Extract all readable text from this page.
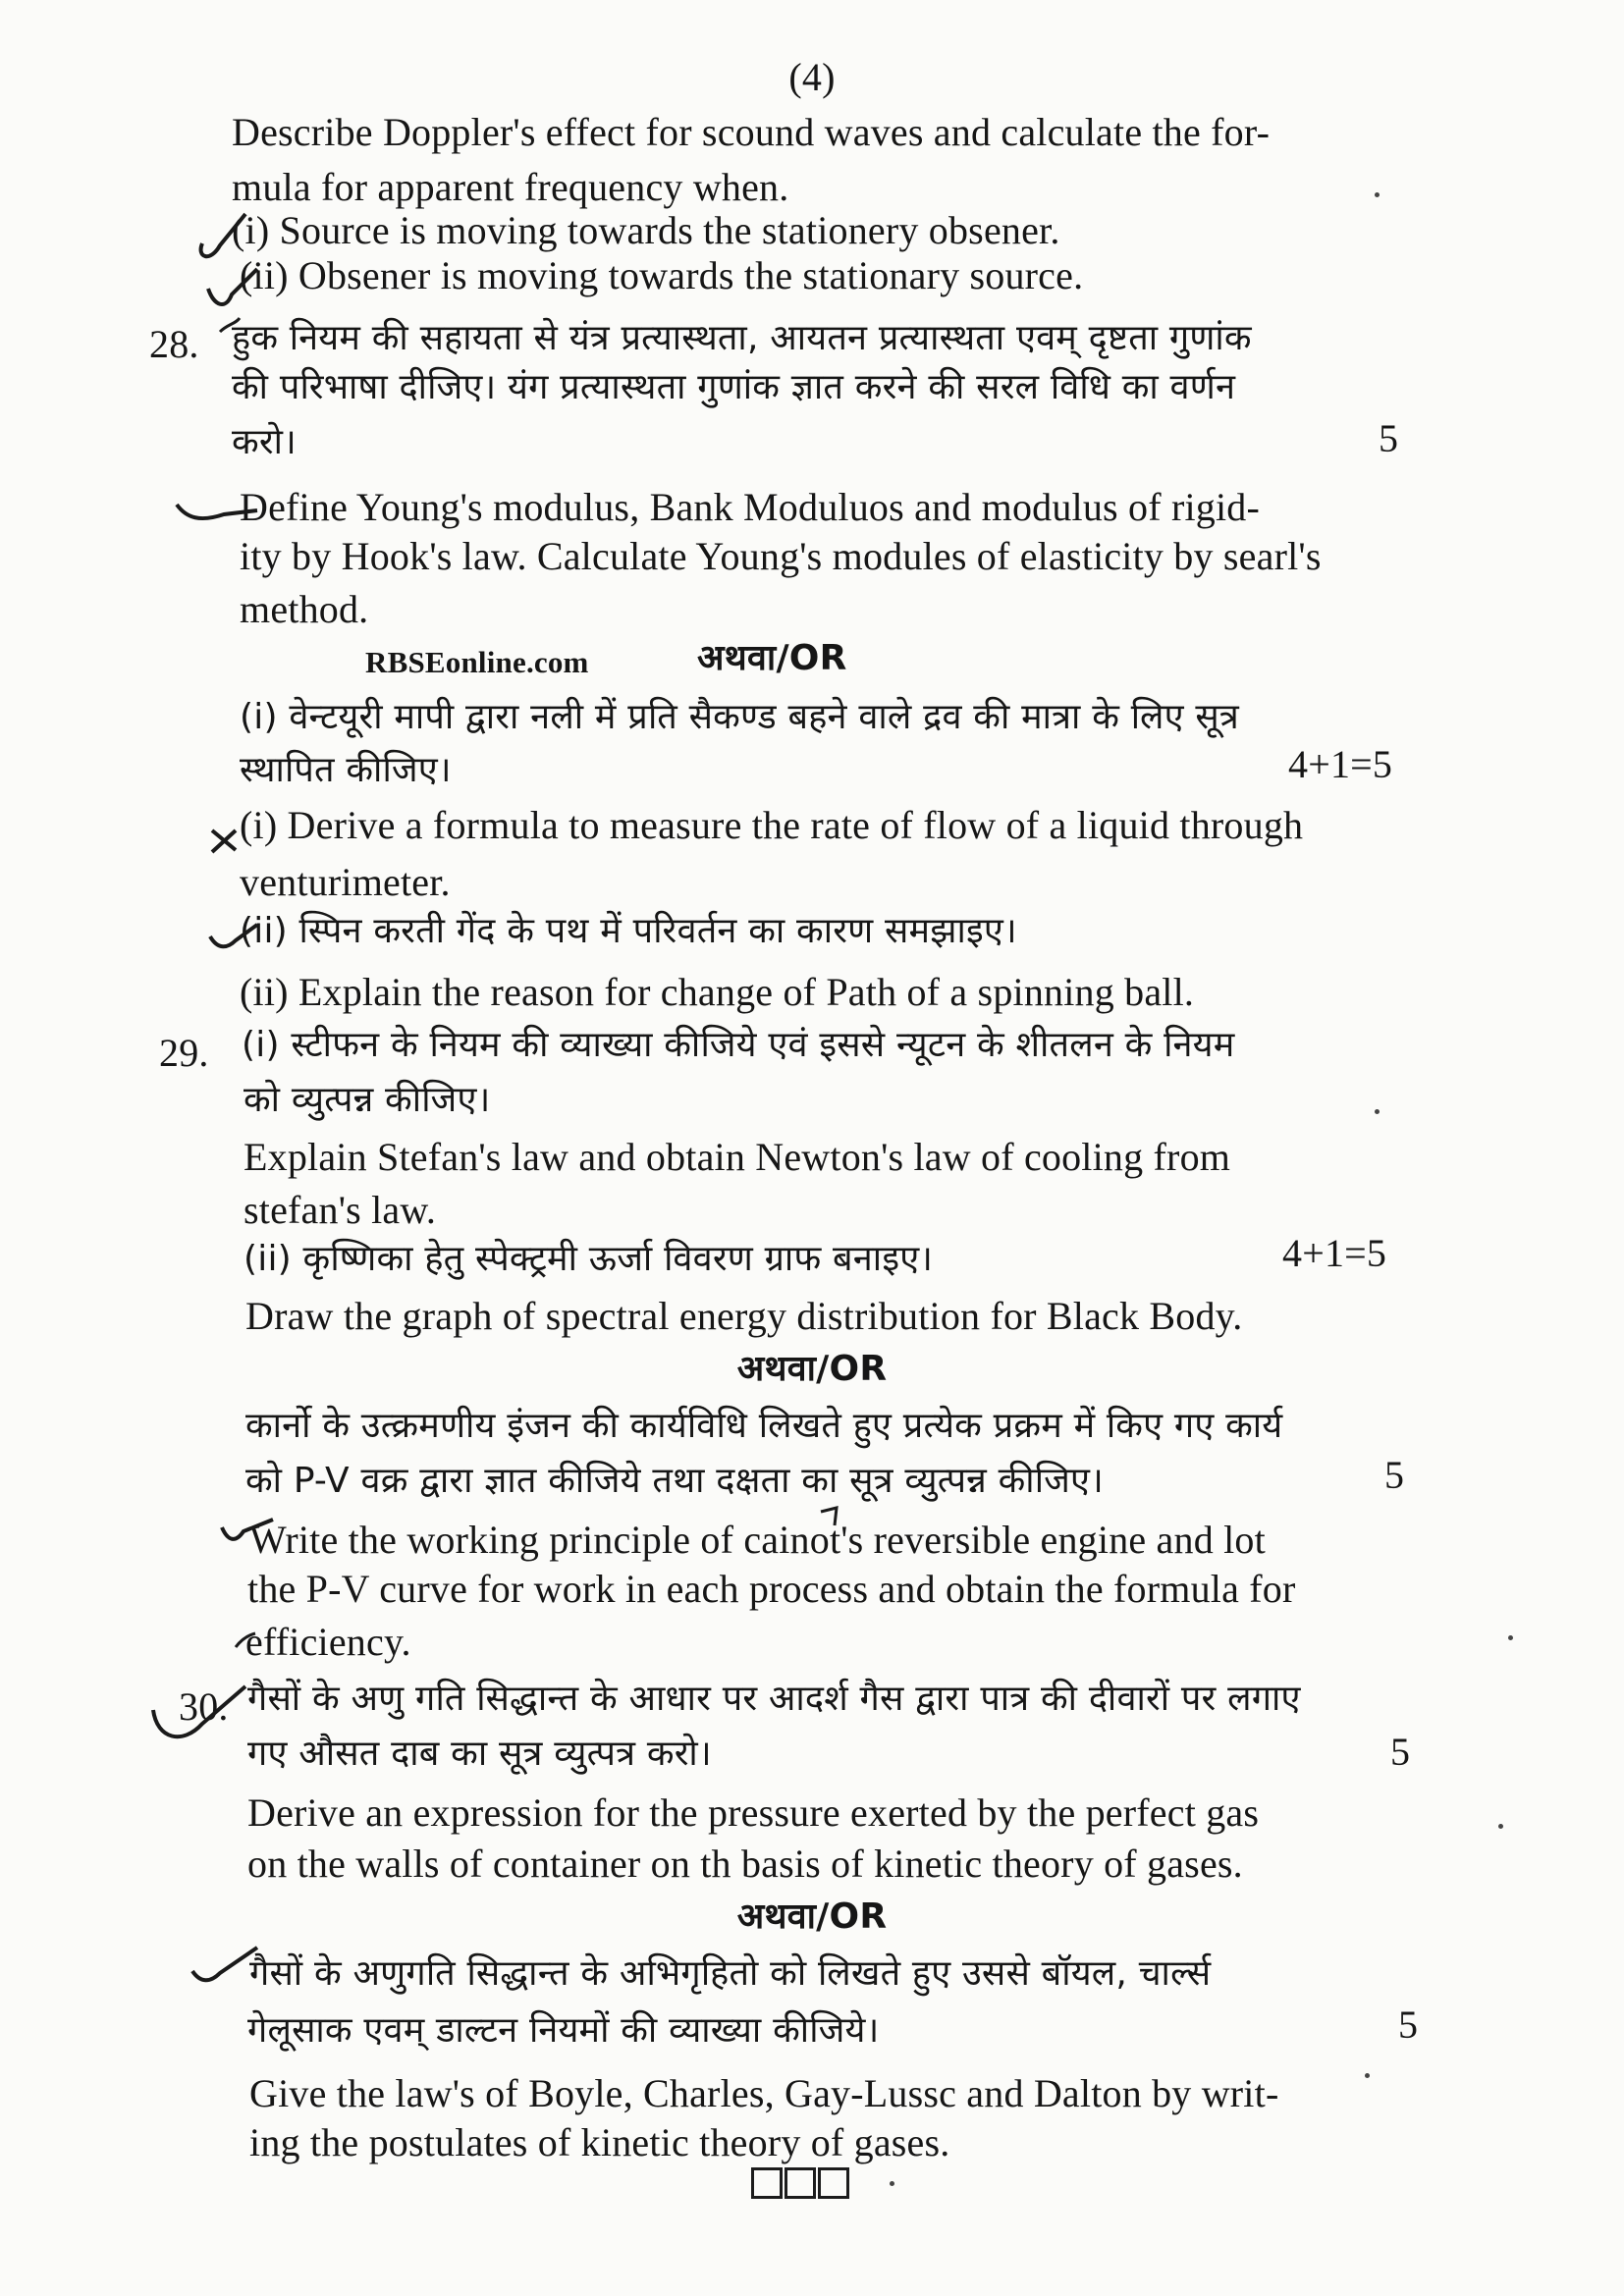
(4)

Describe Doppler's effect for scound waves and calculate the for-

mula for apparent frequency when.

(i) Source is moving towards the stationery obsener.

(ii) Obsener is moving towards the stationary source.

28. हुक नियम की सहायता से यंत्र प्रत्यास्थता, आयतन प्रत्यास्थता एवम् दृष्टता गुणांक

की परिभाषा दीजिए। यंग प्रत्यास्थता गुणांक ज्ञात करने की सरल विधि का वर्णन

करो।	5

Define Young's modulus, Bank Moduluos and modulus of rigid-

ity by Hook's law. Calculate Young's modules of elasticity by searl's

method.

RBSEonline.com	अथवा/OR

(i) वेन्टयूरी मापी द्वारा नली में प्रति सैकण्ड बहने वाले द्रव की मात्रा के लिए सूत्र

स्थापित कीजिए।	4+1=5

(i) Derive a formula to measure the rate of flow of a liquid through

venturimeter.

(ii) स्पिन करती गेंद के पथ में परिवर्तन का कारण समझाइए।

(ii) Explain the reason for change of Path of a spinning ball.

29. (i) स्टीफन के नियम की व्याख्या कीजिये एवं इससे न्यूटन के शीतलन के नियम

को व्युत्पन्न कीजिए।

Explain Stefan's law and obtain Newton's law of cooling from

stefan's law.

(ii) कृष्णिका हेतु स्पेक्ट्रमी ऊर्जा विवरण ग्राफ बनाइए।	4+1=5

Draw the graph of spectral energy distribution for Black Body.

अथवा/OR

कार्नो के उत्क्रमणीय इंजन की कार्यविधि लिखते हुए प्रत्येक प्रक्रम में किए गए कार्य

को P-V वक्र द्वारा ज्ञात कीजिये तथा दक्षता का सूत्र व्युत्पन्न कीजिए।	5

Write the working principle of cainot's reversible engine and lot

the P-V curve for work in each process and obtain the formula for

efficiency.

30. गैसों के अणु गति सिद्धान्त के आधार पर आदर्श गैस द्वारा पात्र की दीवारों पर लगाए

गए औसत दाब का सूत्र व्युत्पत्र करो।	5

Derive an expression for the pressure exerted by the perfect gas

on the walls of container on th basis of kinetic theory of gases.

अथवा/OR

गैसों के अणुगति सिद्धान्त के अभिगृहितो को लिखते हुए उससे बॉयल, चार्ल्स

गेलूसाक एवम् डाल्टन नियमों की व्याख्या कीजिये।	5

Give the law's of Boyle, Charles, Gay-Lussc and Dalton by writ-

ing the postulates of kinetic theory of gases.
